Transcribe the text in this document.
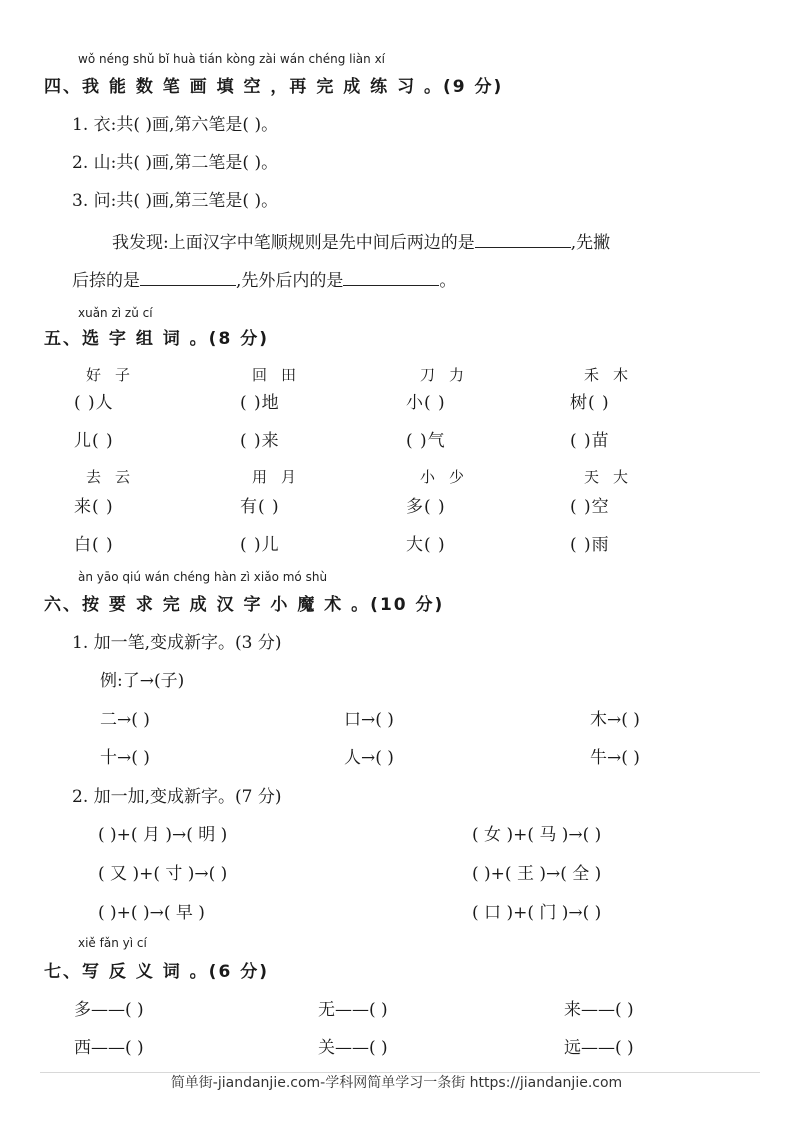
wǒ néng shǔ bǐ huà tián kòng zài wán chéng liàn xí
四、我 能 数 笔 画 填 空 ，再 完 成 练 习 。(9 分)
1. 衣:共( )画,第六笔是( )。
2. 山:共( )画,第二笔是( )。
3. 问:共( )画,第三笔是( )。
我发现:上面汉字中笔顺规则是先中间后两边的是	,先撇
后捺的是	,先外后内的是	。
xuǎn zì zǔ cí
五、选 字 组 词 。(8 分)
好子	回田	刀力	禾木
( )人	( )地	小( )	树( )
儿( )	( )来	( )气	( )苗
去云	用月	小少	天大
来( )	有( )	多( )	( )空
白( )	( )儿	大( )	( )雨
àn yāo qiú wán chéng hàn zì xiǎo mó shù
六、按 要 求 完 成 汉 字 小 魔 术 。(10 分)
1. 加一笔,变成新字。(3 分)
例:了→(子)
二→( )	口→( )	木→( )
十→( )	人→( )	牛→( )
2. 加一加,变成新字。(7 分)
( )+( 月 )→( 明 )	( 女 )+( 马 )→( )
( 又 )+( 寸 )→( )	( )+( 王 )→( 全 )
( )+( )→( 早 )	( 口 )+( 门 )→( )
xiě fǎn yì cí
七、写 反 义 词 。(6 分)
多——( )	无——( )	来——( )
西——( )	关——( )	远——( )
简单街-jiandanjie.com-学科网简单学习一条街 https://jiandanjie.com
